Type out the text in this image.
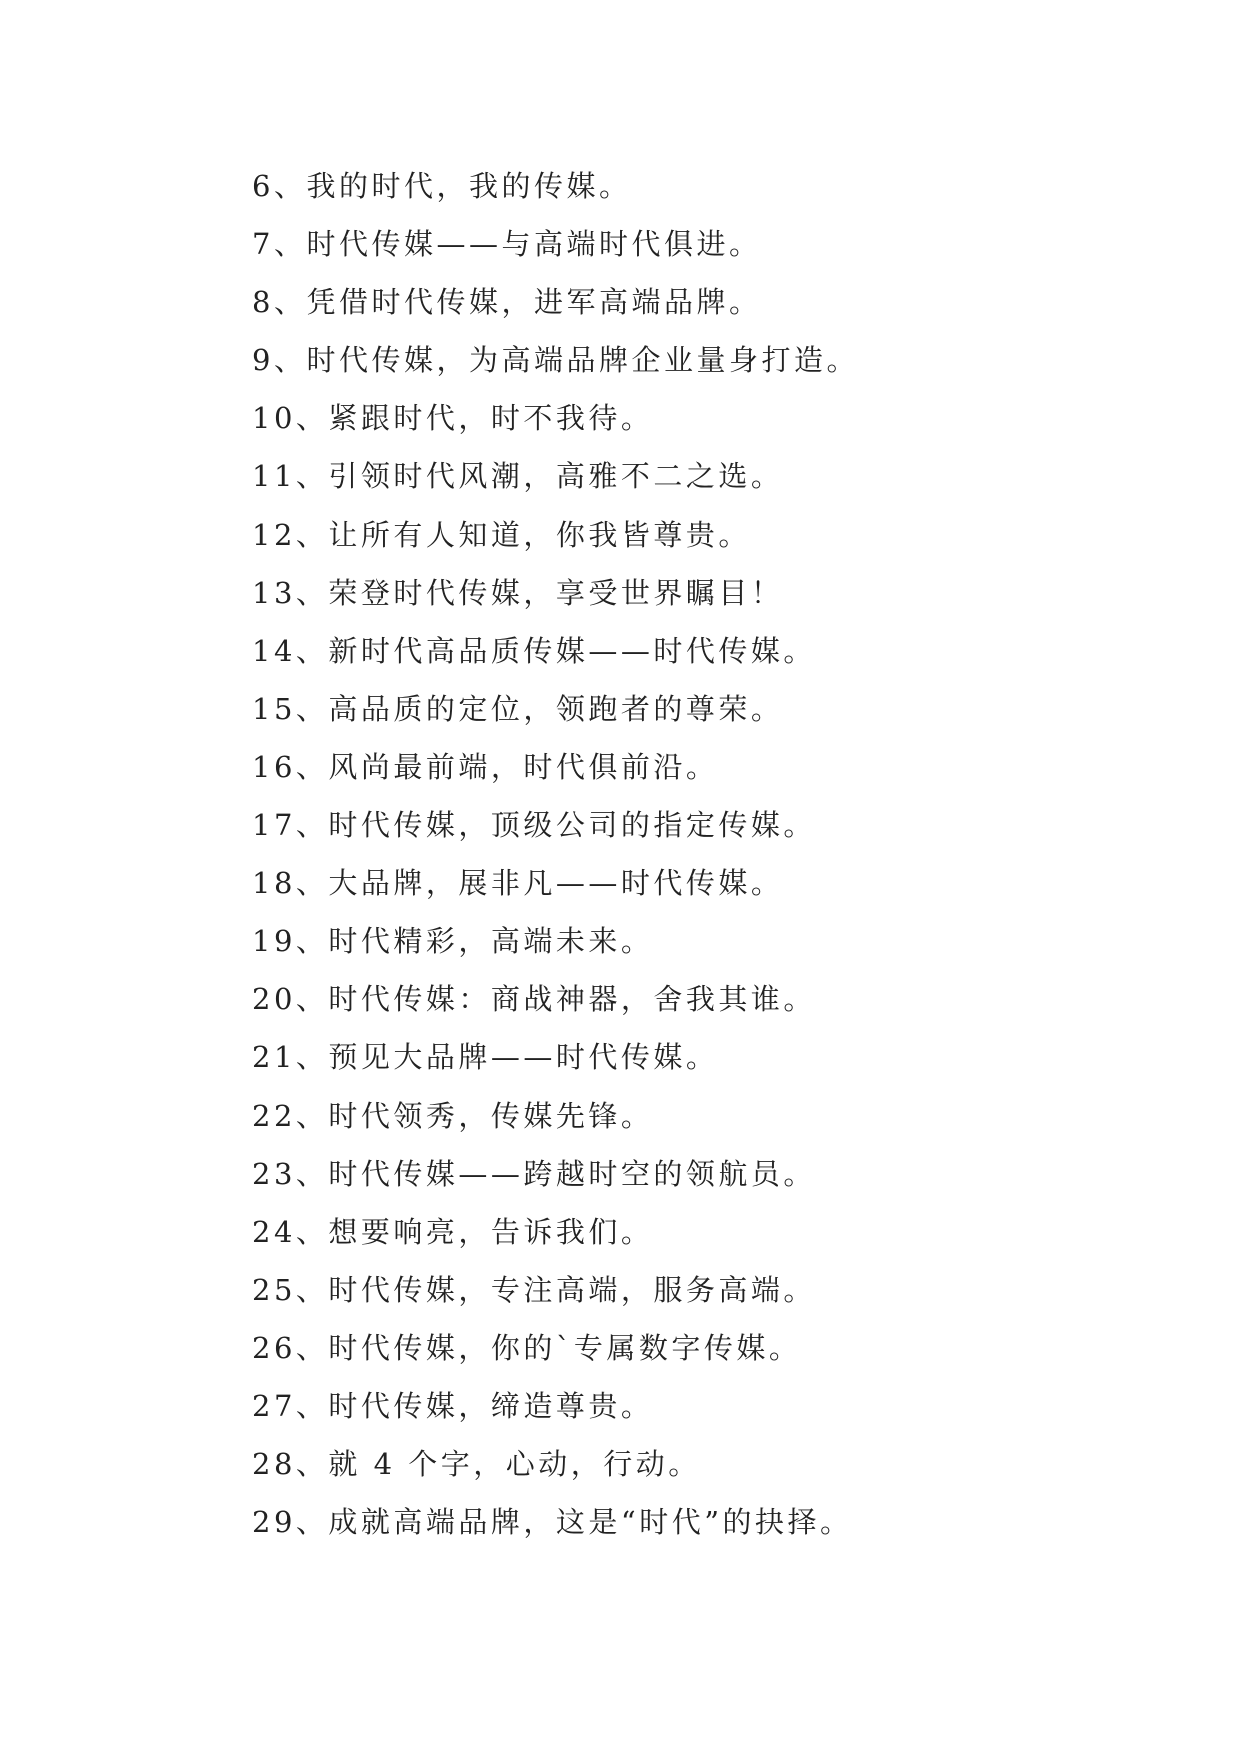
6、我的时代，我的传媒。
7、时代传媒——与高端时代俱进。
8、凭借时代传媒，进军高端品牌。
9、时代传媒，为高端品牌企业量身打造。
10、紧跟时代，时不我待。
11、引领时代风潮，高雅不二之选。
12、让所有人知道，你我皆尊贵。
13、荣登时代传媒，享受世界瞩目！
14、新时代高品质传媒——时代传媒。
15、高品质的定位，领跑者的尊荣。
16、风尚最前端，时代俱前沿。
17、时代传媒，顶级公司的指定传媒。
18、大品牌，展非凡——时代传媒。
19、时代精彩，高端未来。
20、时代传媒：商战神器，舍我其谁。
21、预见大品牌——时代传媒。
22、时代领秀，传媒先锋。
23、时代传媒——跨越时空的领航员。
24、想要响亮，告诉我们。
25、时代传媒，专注高端，服务高端。
26、时代传媒，你的`专属数字传媒。
27、时代传媒，缔造尊贵。
28、就 4 个字，心动，行动。
29、成就高端品牌，这是“时代”的抉择。
